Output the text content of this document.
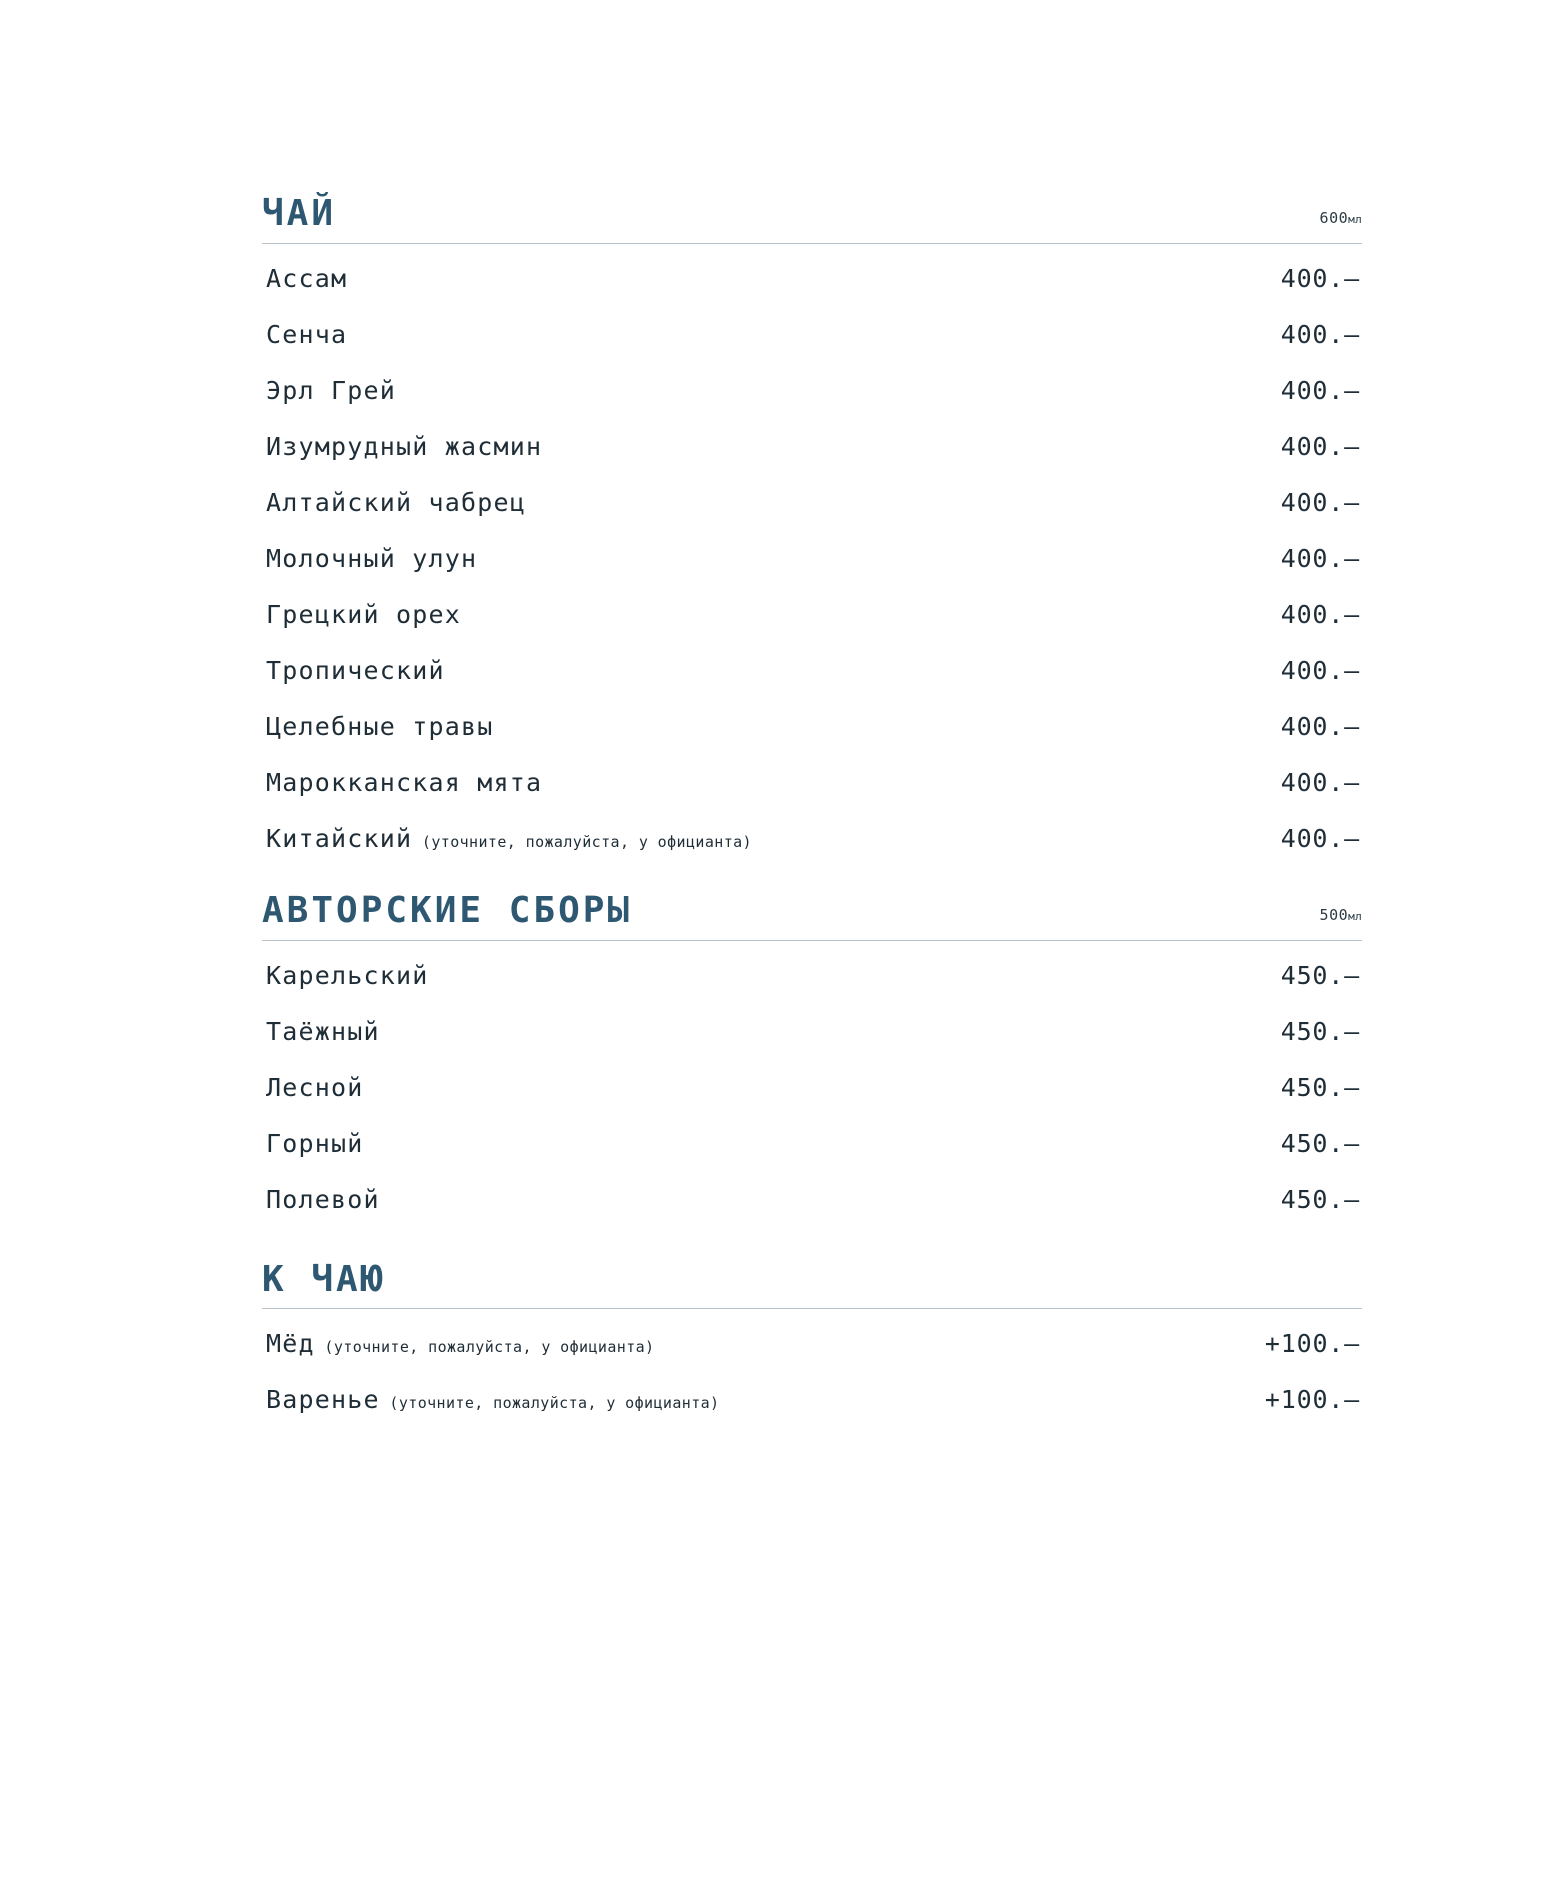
ЧАЙ	600мл
Ассам	400.—
Сенча	400.—
Эрл Грей	400.—
Изумрудный жасмин	400.—
Алтайский чабрец	400.—
Молочный улун	400.—
Грецкий орех	400.—
Тропический	400.—
Целебные травы	400.—
Марокканская мята	400.—
Китайский (уточните, пожалуйста, у официанта)	400.—
АВТОРСКИЕ СБОРЫ	500мл
Карельский	450.—
Таёжный	450.—
Лесной	450.—
Горный	450.—
Полевой	450.—
К ЧАЮ
Мёд (уточните, пожалуйста, у официанта)	+100.—
Варенье (уточните, пожалуйста, у официанта)	+100.—
